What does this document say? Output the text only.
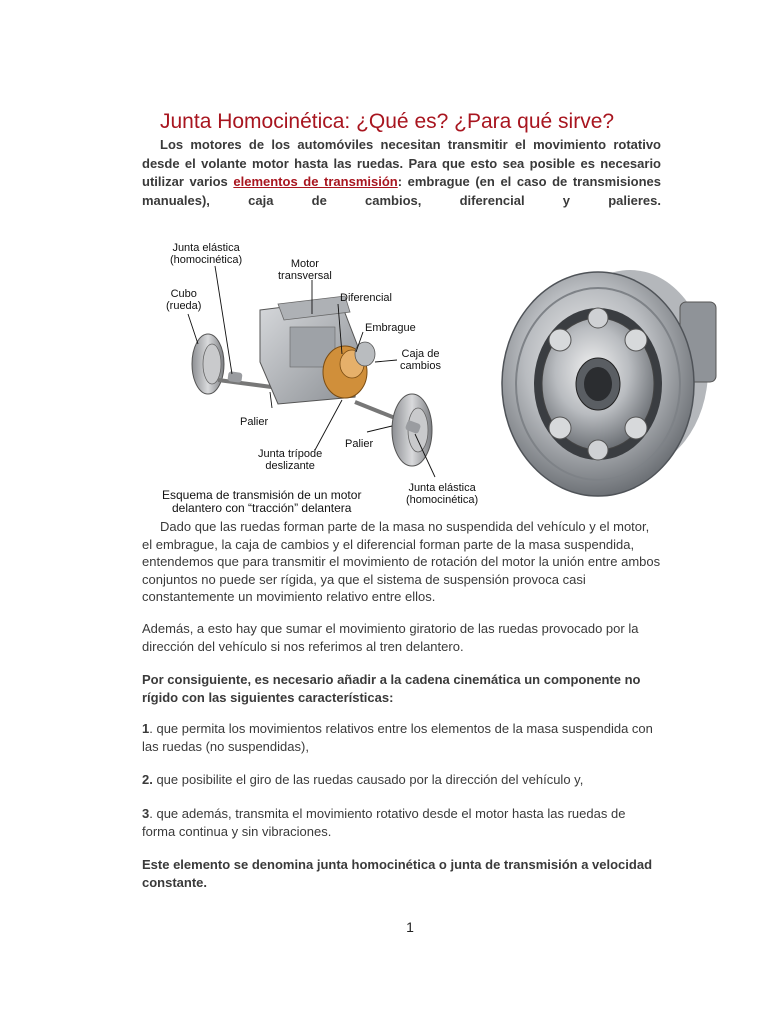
Junta Homocinética: ¿Qué es? ¿Para qué sirve?
Los motores de los automóviles necesitan transmitir el movimiento rotativo desde el volante motor hasta las ruedas. Para que esto sea posible es necesario utilizar varios elementos de transmisión: embrague (en el caso de transmisiones manuales), caja de cambios, diferencial y palieres.
Junta elástica
(homocinética)
Cubo
(rueda)
Motor
transversal
Diferencial
Embrague
Caja de
cambios
Palier
Palier
Junta trípode
deslizante
Junta elástica
(homocinética)
Esquema de transmisión de un motor
delantero con “tracción” delantera
Dado que las ruedas forman parte de la masa no suspendida del vehículo y el motor, el embrague, la caja de cambios y el diferencial forman parte de la masa suspendida, entendemos que para transmitir el movimiento de rotación del motor la unión entre ambos conjuntos no puede ser rígida, ya que el sistema de suspensión provoca casi constantemente un movimiento relativo entre ellos.
Además, a esto hay que sumar el movimiento giratorio de las ruedas provocado por la dirección del vehículo si nos referimos al tren delantero.
Por consiguiente, es necesario añadir a la cadena cinemática un componente no rígido con las siguientes características:
1. que permita los movimientos relativos entre los elementos de la masa suspendida con las ruedas (no suspendidas),
2. que posibilite el giro de las ruedas causado por la dirección del vehículo y,
3. que además, transmita el movimiento rotativo desde el motor hasta las ruedas de forma continua y sin vibraciones.
Este elemento se denomina junta homocinética o junta de transmisión a velocidad constante.
1
